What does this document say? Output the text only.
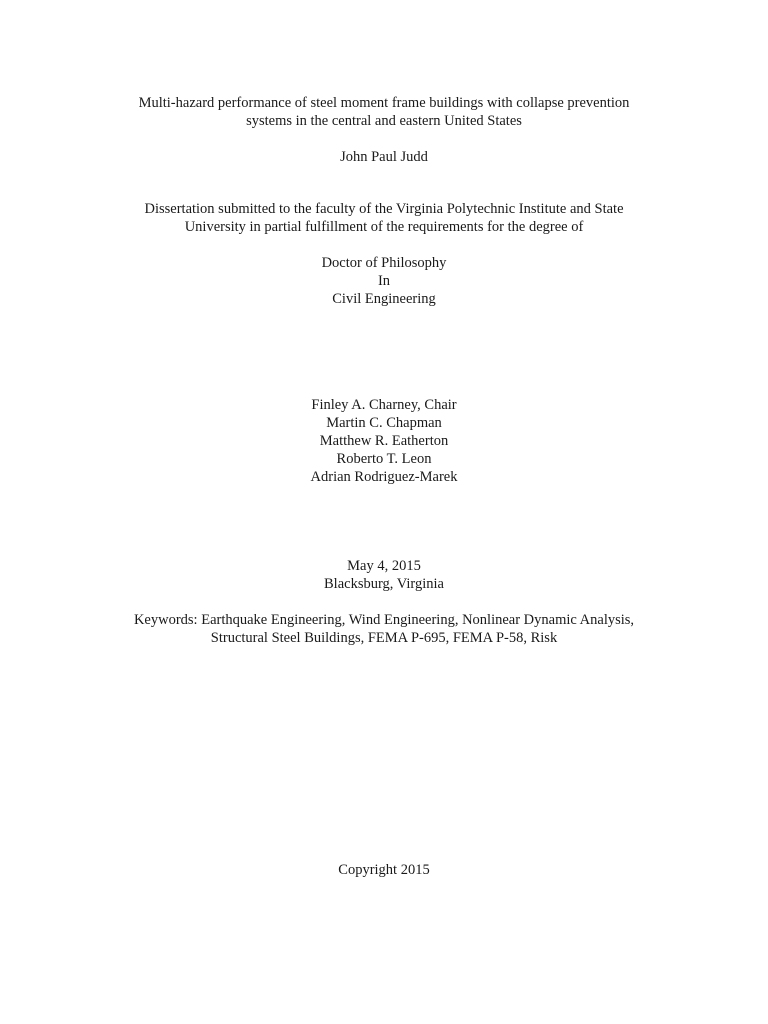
Multi-hazard performance of steel moment frame buildings with collapse prevention
systems in the central and eastern United States
John Paul Judd
Dissertation submitted to the faculty of the Virginia Polytechnic Institute and State
University in partial fulfillment of the requirements for the degree of
Doctor of Philosophy
In
Civil Engineering
Finley A. Charney, Chair
Martin C. Chapman
Matthew R. Eatherton
Roberto T. Leon
Adrian Rodriguez-Marek
May 4, 2015
Blacksburg, Virginia
Keywords: Earthquake Engineering, Wind Engineering, Nonlinear Dynamic Analysis,
Structural Steel Buildings, FEMA P-695, FEMA P-58, Risk
Copyright 2015
